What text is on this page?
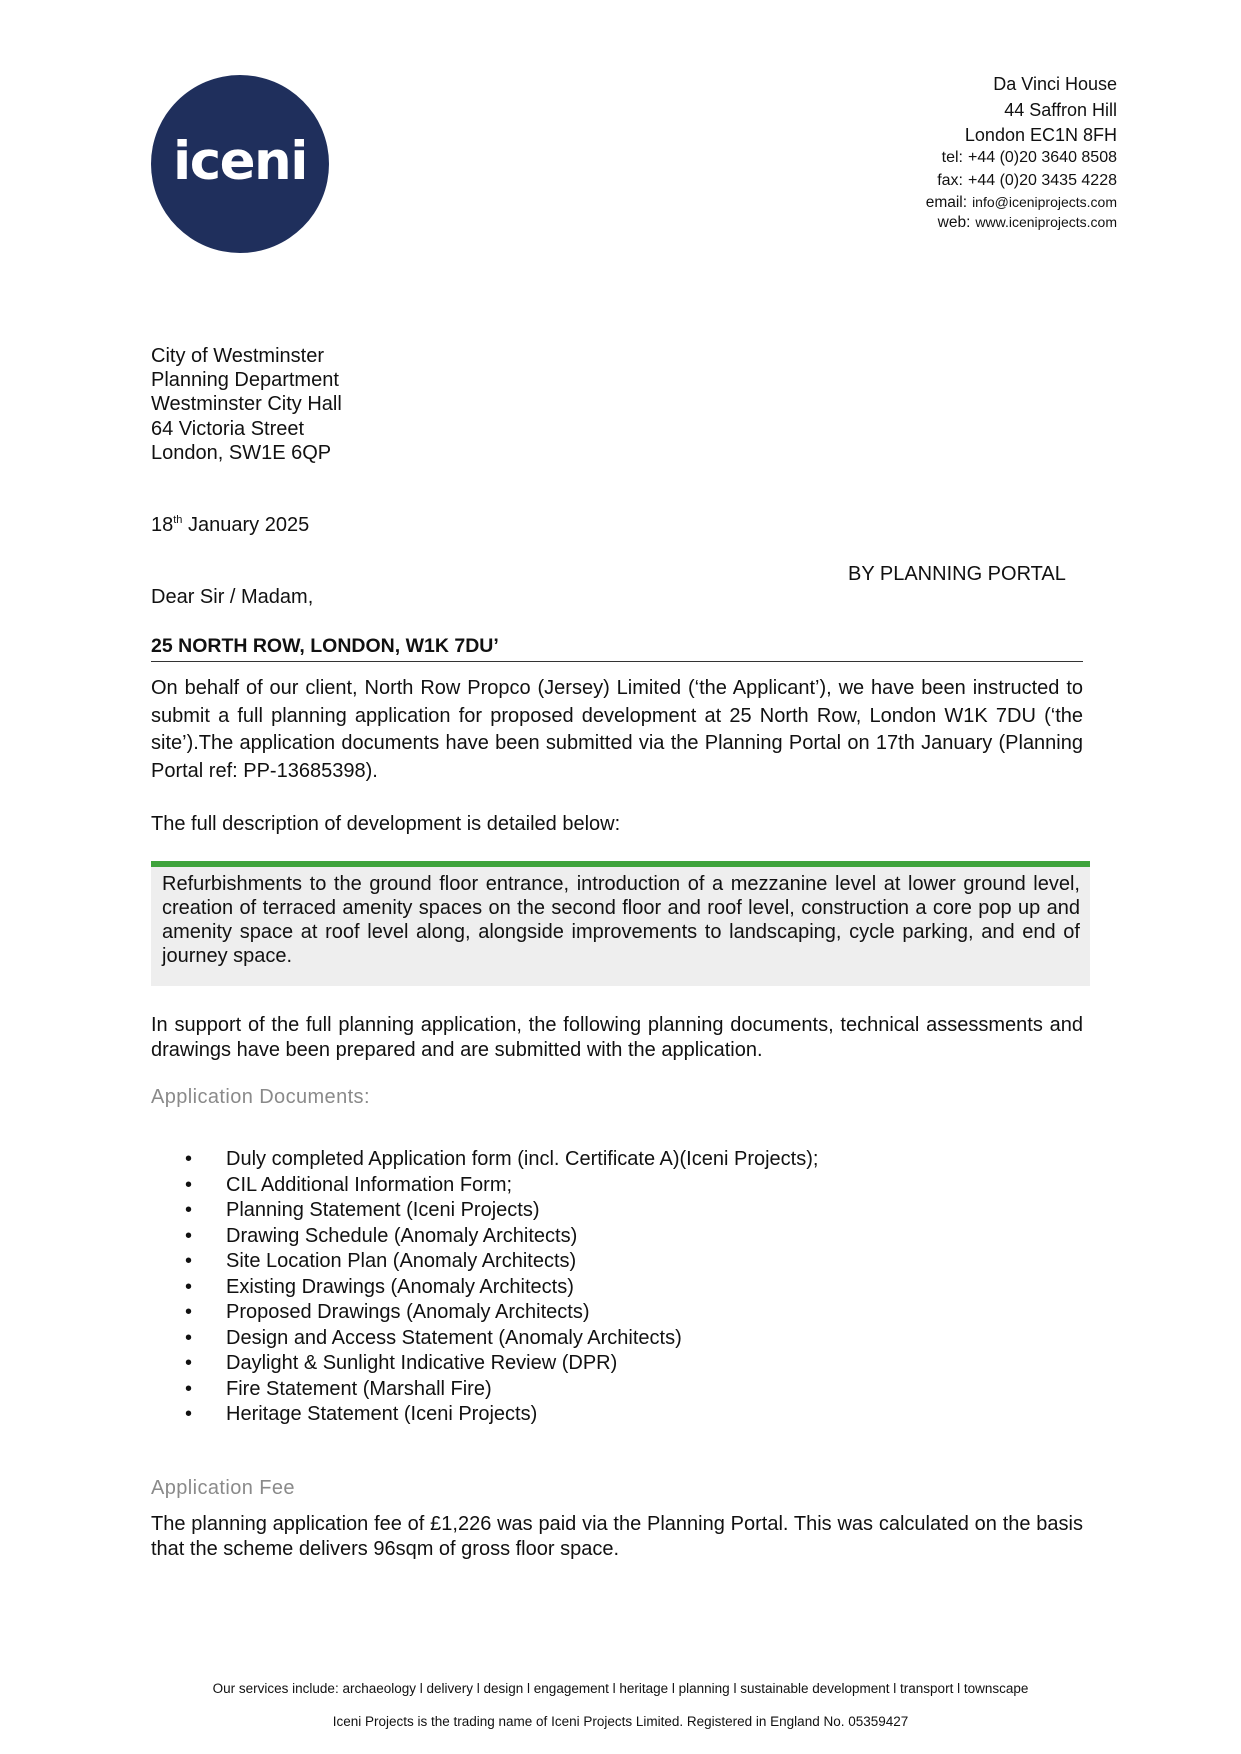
iceni
Da Vinci House
44 Saffron Hill
London EC1N 8FH
tel: +44 (0)20 3640 8508
fax: +44 (0)20 3435 4228
email: info@iceniprojects.com
web: www.iceniprojects.com
City of Westminster
Planning Department
Westminster City Hall
64 Victoria Street
London, SW1E 6QP
18th January 2025
BY PLANNING PORTAL
Dear Sir / Madam,
25 NORTH ROW, LONDON, W1K 7DU’
On behalf of our client, North Row Propco (Jersey) Limited (‘the Applicant’), we have been instructed to submit a full planning application for proposed development at 25 North Row, London W1K 7DU (‘the site’).The application documents have been submitted via the Planning Portal on 17th January (Planning Portal ref: PP-13685398).
The full description of development is detailed below:
Refurbishments to the ground floor entrance, introduction of a mezzanine level at lower ground level, creation of terraced amenity spaces on the second floor and roof level, construction a core pop up and amenity space at roof level along, alongside improvements to landscaping, cycle parking, and end of journey space.
In support of the full planning application, the following planning documents, technical assessments and drawings have been prepared and are submitted with the application.
Application Documents:
• Duly completed Application form (incl. Certificate A)(Iceni Projects);
• CIL Additional Information Form;
• Planning Statement (Iceni Projects)
• Drawing Schedule (Anomaly Architects)
• Site Location Plan (Anomaly Architects)
• Existing Drawings (Anomaly Architects)
• Proposed Drawings (Anomaly Architects)
• Design and Access Statement (Anomaly Architects)
• Daylight & Sunlight Indicative Review (DPR)
• Fire Statement (Marshall Fire)
• Heritage Statement (Iceni Projects)
Application Fee
The planning application fee of £1,226 was paid via the Planning Portal. This was calculated on the basis that the scheme delivers 96sqm of gross floor space.
Our services include: archaeology l delivery l design l engagement l heritage l planning l sustainable development l transport l townscape
Iceni Projects is the trading name of Iceni Projects Limited. Registered in England No. 05359427
